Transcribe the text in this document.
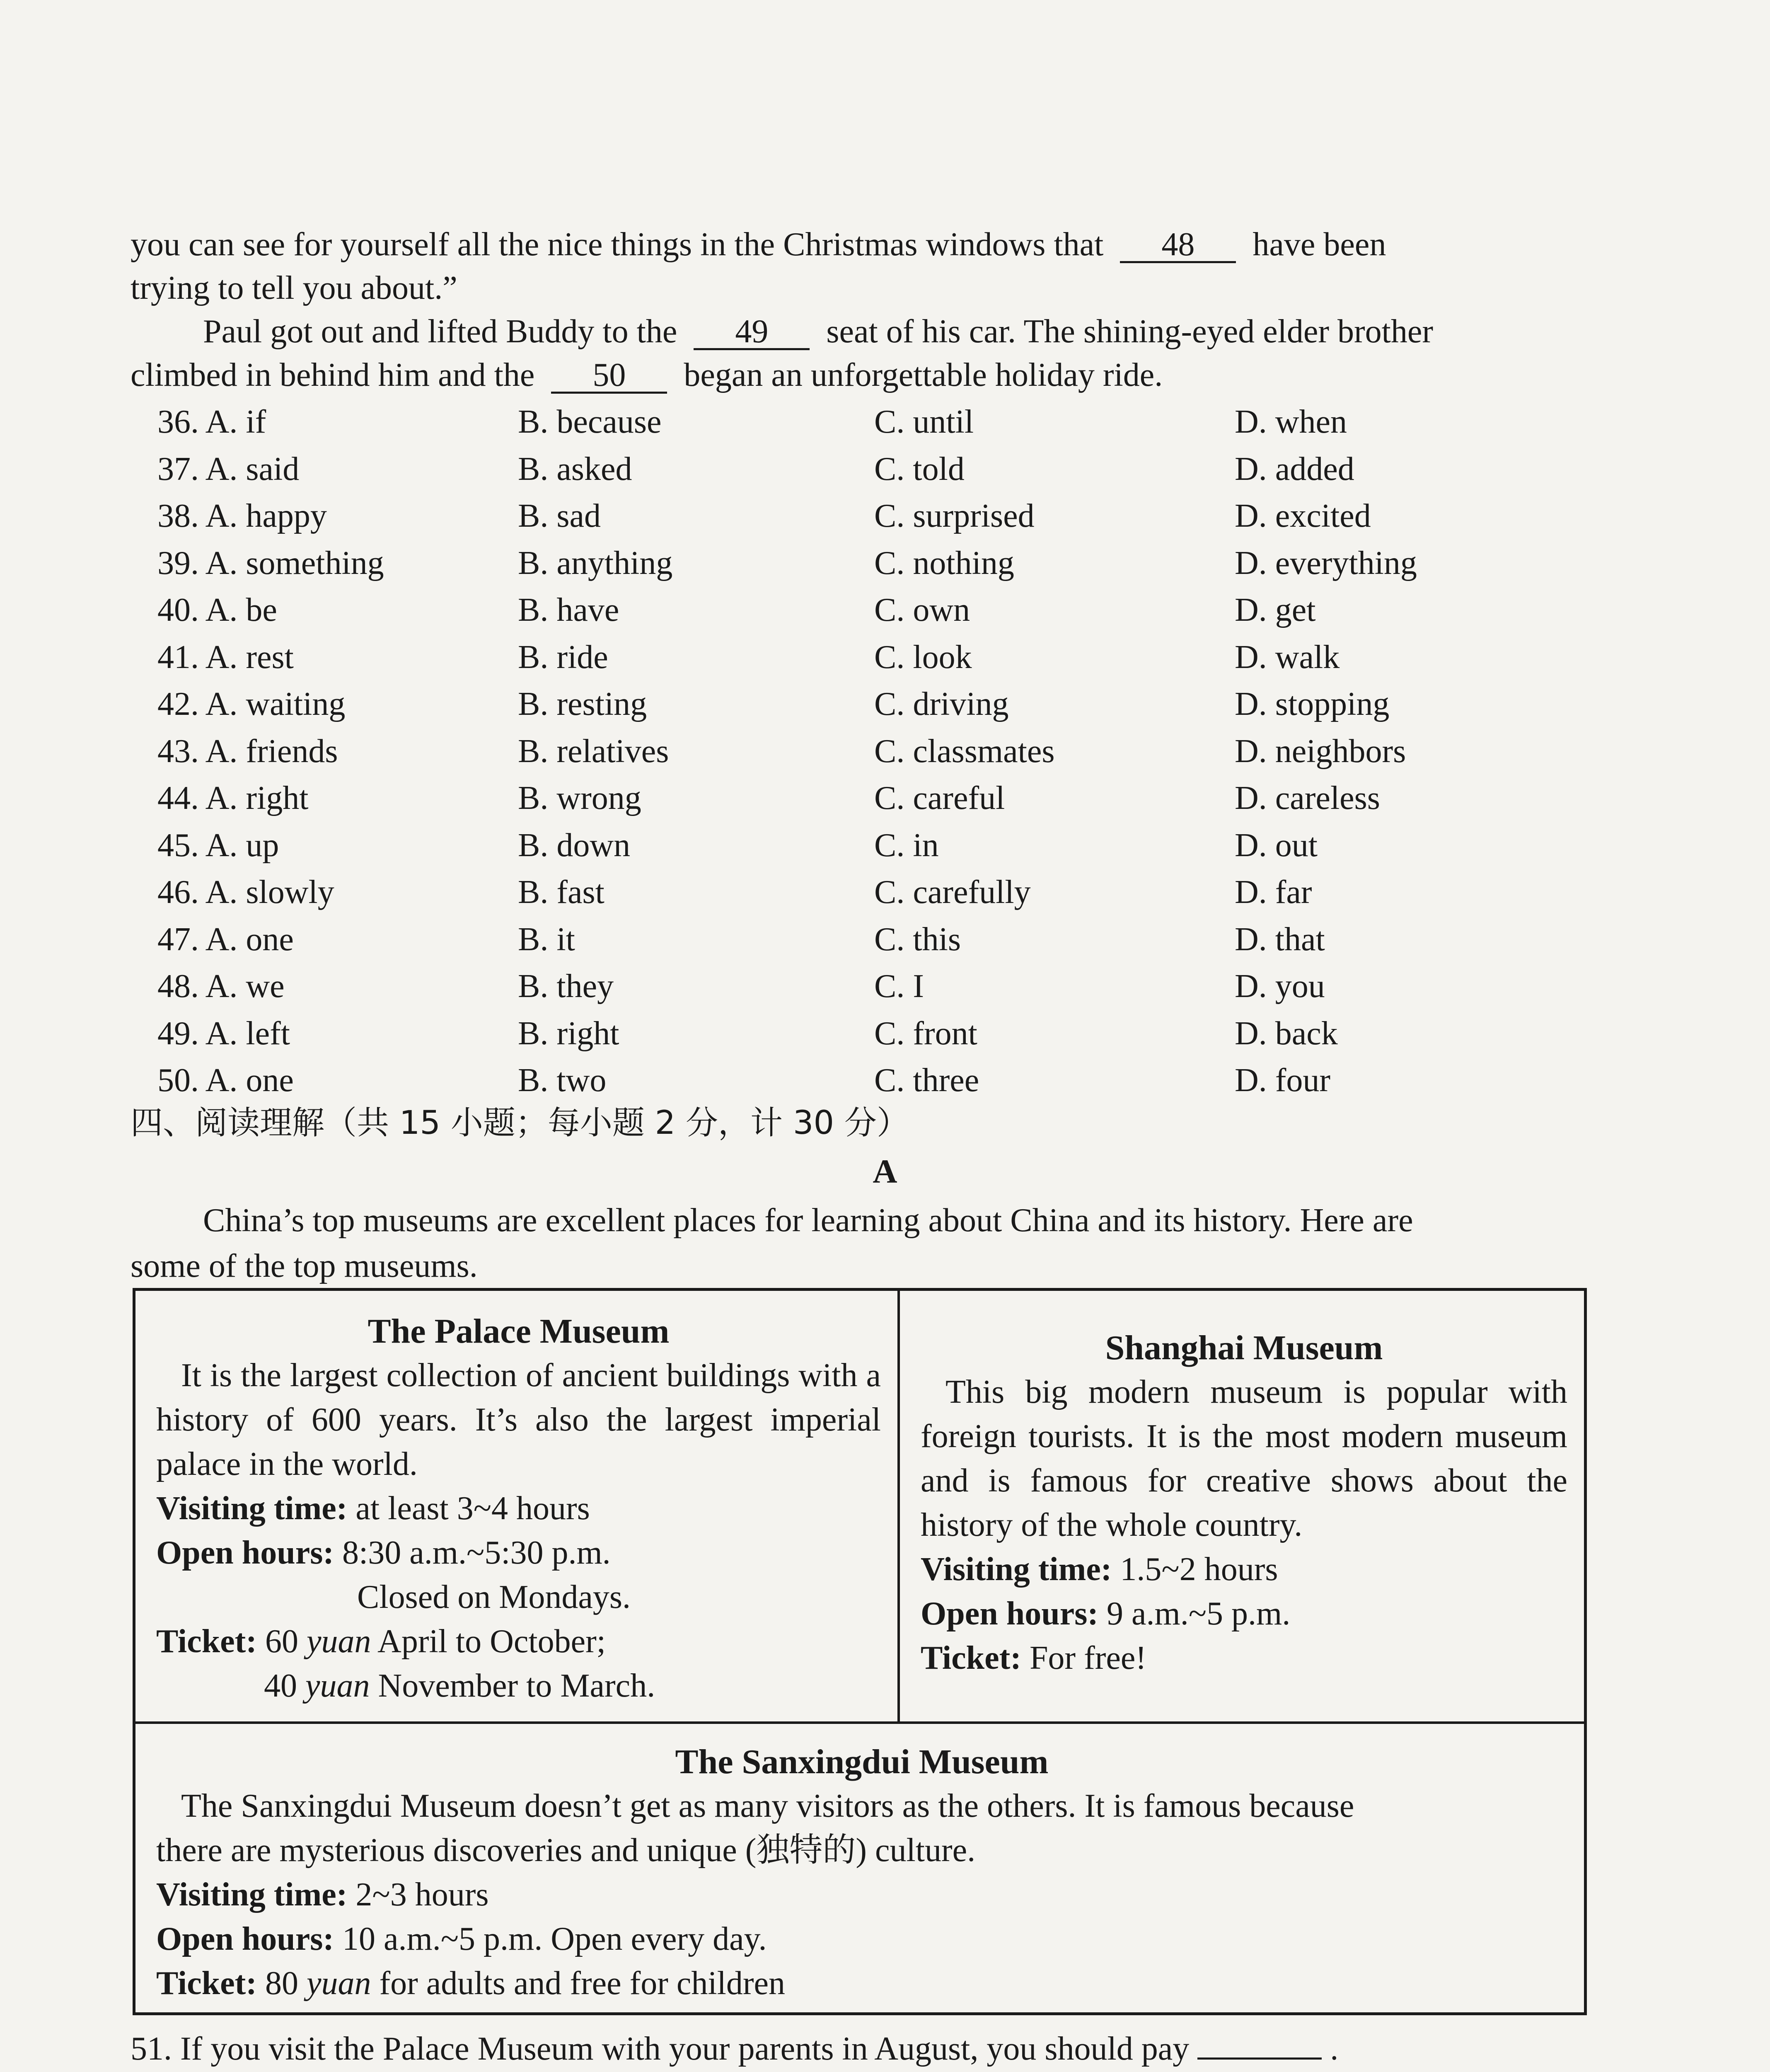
you can see for yourself all the nice things in the Christmas windows that 48 have been
trying to tell you about.”
Paul got out and lifted Buddy to the 49 seat of his car. The shining-eyed elder brother
climbed in behind him and the 50 began an unforgettable holiday ride.
36. A. if	B. because	C. until	D. when
37. A. said	B. asked	C. told	D. added
38. A. happy	B. sad	C. surprised	D. excited
39. A. something	B. anything	C. nothing	D. everything
40. A. be	B. have	C. own	D. get
41. A. rest	B. ride	C. look	D. walk
42. A. waiting	B. resting	C. driving	D. stopping
43. A. friends	B. relatives	C. classmates	D. neighbors
44. A. right	B. wrong	C. careful	D. careless
45. A. up	B. down	C. in	D. out
46. A. slowly	B. fast	C. carefully	D. far
47. A. one	B. it	C. this	D. that
48. A. we	B. they	C. I	D. you
49. A. left	B. right	C. front	D. back
50. A. one	B. two	C. three	D. four
四、阅读理解（共 15 小题；每小题 2 分，计 30 分）
A
China’s top museums are excellent places for learning about China and its history. Here are
some of the top museums.
The Palace Museum

It is the largest collection of ancient buildings with a history of 600 years. It’s also the largest imperial palace in the world.

Visiting time: at least 3~4 hours

Open hours: 8:30 a.m.~5:30 p.m.

Closed on Mondays.

Ticket: 60 yuan April to October;

40 yuan November to March.

Shanghai Museum

This big modern museum is popular with foreign tourists. It is the most modern museum and is famous for creative shows about the history of the whole country.

Visiting time: 1.5~2 hours

Open hours: 9 a.m.~5 p.m.

Ticket: For free!

The Sanxingdui Museum

The Sanxingdui Museum doesn’t get as many visitors as the others. It is famous because

there are mysterious discoveries and unique (独特的) culture.

Visiting time: 2~3 hours

Open hours: 10 a.m.~5 p.m. Open every day.

Ticket: 80 yuan for adults and free for children

51. If you visit the Palace Museum with your parents in August, you should pay	.
